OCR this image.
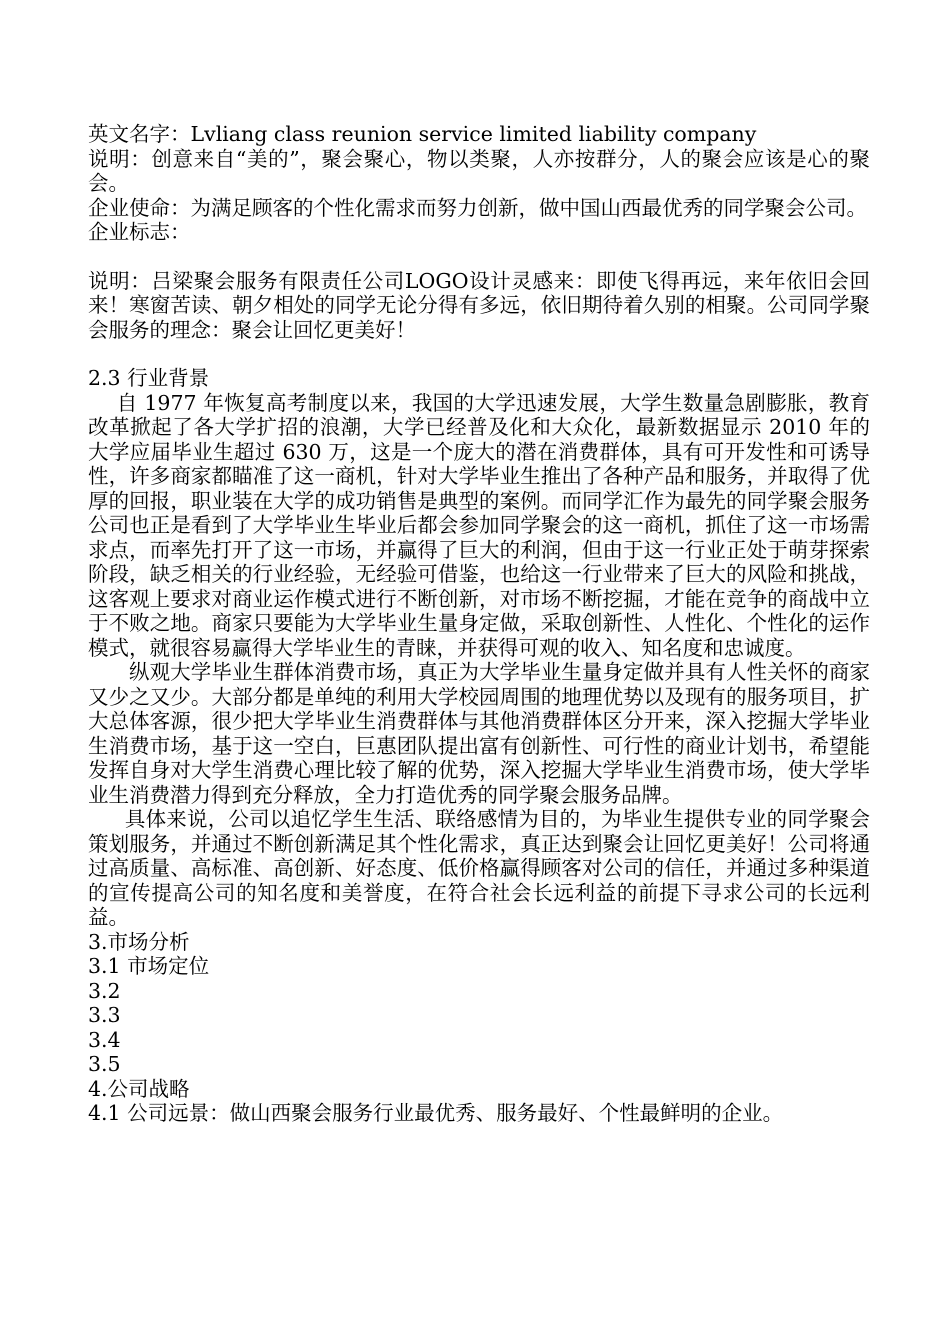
英文名字：Lvliang class reunion service limited liability company

说明：创意来自“美的”，聚会聚心，物以类聚，人亦按群分，人的聚会应该是心的聚会。

企业使命：为满足顾客的个性化需求而努力创新，做中国山西最优秀的同学聚会公司。

企业标志：

说明：吕梁聚会服务有限责任公司LOGO设计灵感来：即使飞得再远，来年依旧会回来！寒窗苦读、朝夕相处的同学无论分得有多远，依旧期待着久别的相聚。公司同学聚会服务的理念：聚会让回忆更美好！

2.3 行业背景

自 1977 年恢复高考制度以来，我国的大学迅速发展，大学生数量急剧膨胀，教育改革掀起了各大学扩招的浪潮，大学已经普及化和大众化，最新数据显示 2010 年的大学应届毕业生超过 630 万，这是一个庞大的潜在消费群体，具有可开发性和可诱导性，许多商家都瞄准了这一商机，针对大学毕业生推出了各种产品和服务，并取得了优厚的回报，职业装在大学的成功销售是典型的案例。而同学汇作为最先的同学聚会服务公司也正是看到了大学毕业生毕业后都会参加同学聚会的这一商机，抓住了这一市场需求点，而率先打开了这一市场，并赢得了巨大的利润，但由于这一行业正处于萌芽探索阶段，缺乏相关的行业经验，无经验可借鉴，也给这一行业带来了巨大的风险和挑战，这客观上要求对商业运作模式进行不断创新，对市场不断挖掘，才能在竞争的商战中立于不败之地。商家只要能为大学毕业生量身定做，采取创新性、人性化、个性化的运作模式，就很容易赢得大学毕业生的青睐，并获得可观的收入、知名度和忠诚度。

纵观大学毕业生群体消费市场，真正为大学毕业生量身定做并具有人性关怀的商家又少之又少。大部分都是单纯的利用大学校园周围的地理优势以及现有的服务项目，扩大总体客源，很少把大学毕业生消费群体与其他消费群体区分开来，深入挖掘大学毕业生消费市场，基于这一空白，巨惠团队提出富有创新性、可行性的商业计划书，希望能发挥自身对大学生消费心理比较了解的优势，深入挖掘大学毕业生消费市场，使大学毕业生消费潜力得到充分释放，全力打造优秀的同学聚会服务品牌。

具体来说，公司以追忆学生生活、联络感情为目的，为毕业生提供专业的同学聚会策划服务，并通过不断创新满足其个性化需求，真正达到聚会让回忆更美好！公司将通过高质量、高标准、高创新、好态度、低价格赢得顾客对公司的信任，并通过多种渠道的宣传提高公司的知名度和美誉度，在符合社会长远利益的前提下寻求公司的长远利益。

3.市场分析

3.1 市场定位

3.2

3.3

3.4

3.5

4.公司战略

4.1 公司远景：做山西聚会服务行业最优秀、服务最好、个性最鲜明的企业。
